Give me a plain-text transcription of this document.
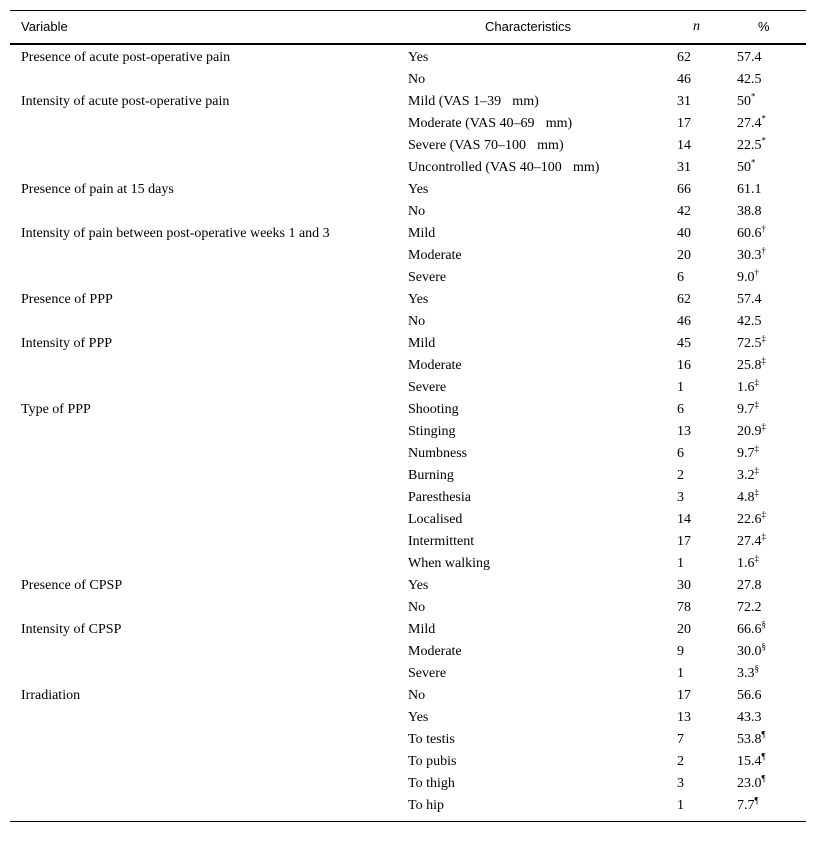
Variable	Characteristics	n	%
Presence of acute post-operative pain	Yes	62	57.4
No	46	42.5
Intensity of acute post-operative pain	Mild (VAS 1–39    mm)	31	50*
Moderate (VAS 40–69    mm)	17	27.4*
Severe (VAS 70–100    mm)	14	22.5*
Uncontrolled (VAS 40–100    mm)	31	50*
Presence of pain at 15 days	Yes	66	61.1
No	42	38.8
Intensity of pain between post-operative weeks 1 and 3	Mild	40	60.6†
Moderate	20	30.3†
Severe	6	9.0†
Presence of PPP	Yes	62	57.4
No	46	42.5
Intensity of PPP	Mild	45	72.5‡
Moderate	16	25.8‡
Severe	1	1.6‡
Type of PPP	Shooting	6	9.7‡
Stinging	13	20.9‡
Numbness	6	9.7‡
Burning	2	3.2‡
Paresthesia	3	4.8‡
Localised	14	22.6‡
Intermittent	17	27.4‡
When walking	1	1.6‡
Presence of CPSP	Yes	30	27.8
No	78	72.2
Intensity of CPSP	Mild	20	66.6§
Moderate	9	30.0§
Severe	1	3.3§
Irradiation	No	17	56.6
Yes	13	43.3
To testis	7	53.8¶
To pubis	2	15.4¶
To thigh	3	23.0¶
To hip	1	7.7¶
